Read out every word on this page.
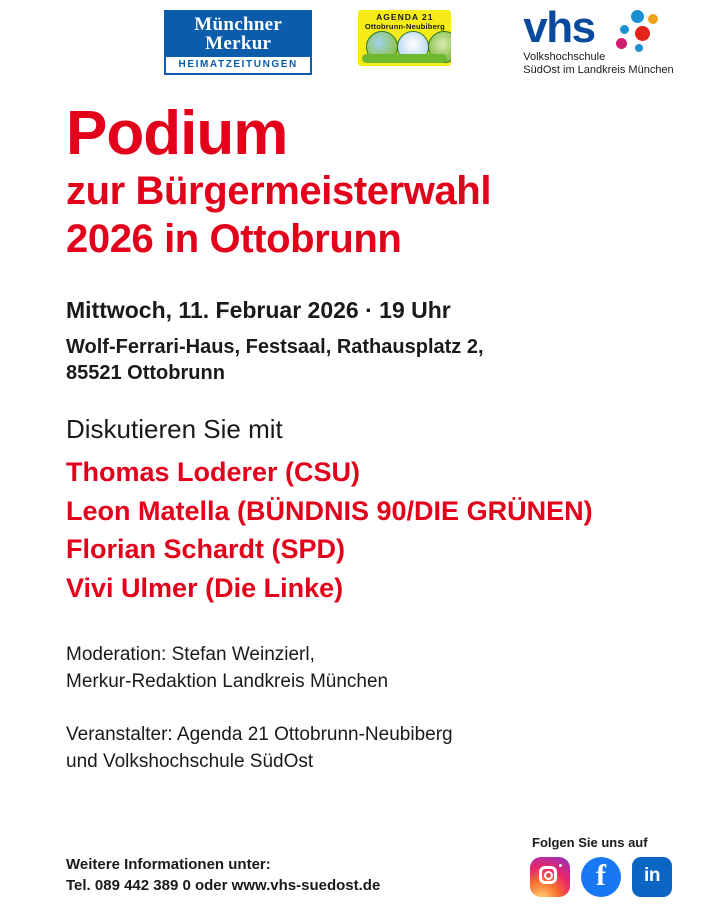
Münchner Merkur
HEIMATZEITUNGEN
AGENDA 21
Ottobrunn-Neubiberg vhs
Volkshochschule
SüdOst im Landkreis München
Podium
zur Bürgermeisterwahl
2026 in Ottobrunn
Mittwoch, 11. Februar 2026 · 19 Uhr
Wolf-Ferrari-Haus, Festsaal, Rathausplatz 2,
85521 Ottobrunn
Diskutieren Sie mit
Thomas Loderer (CSU)
Leon Matella (BÜNDNIS 90/DIE GRÜNEN)
Florian Schardt (SPD)
Vivi Ulmer (Die Linke)
Moderation: Stefan Weinzierl,
Merkur-Redaktion Landkreis München
Veranstalter: Agenda 21 Ottobrunn-Neubiberg
und Volkshochschule SüdOst
Weitere Informationen unter:
Tel. 089 442 389 0 oder www.vhs-suedost.de
Folgen Sie uns auf
f	in
